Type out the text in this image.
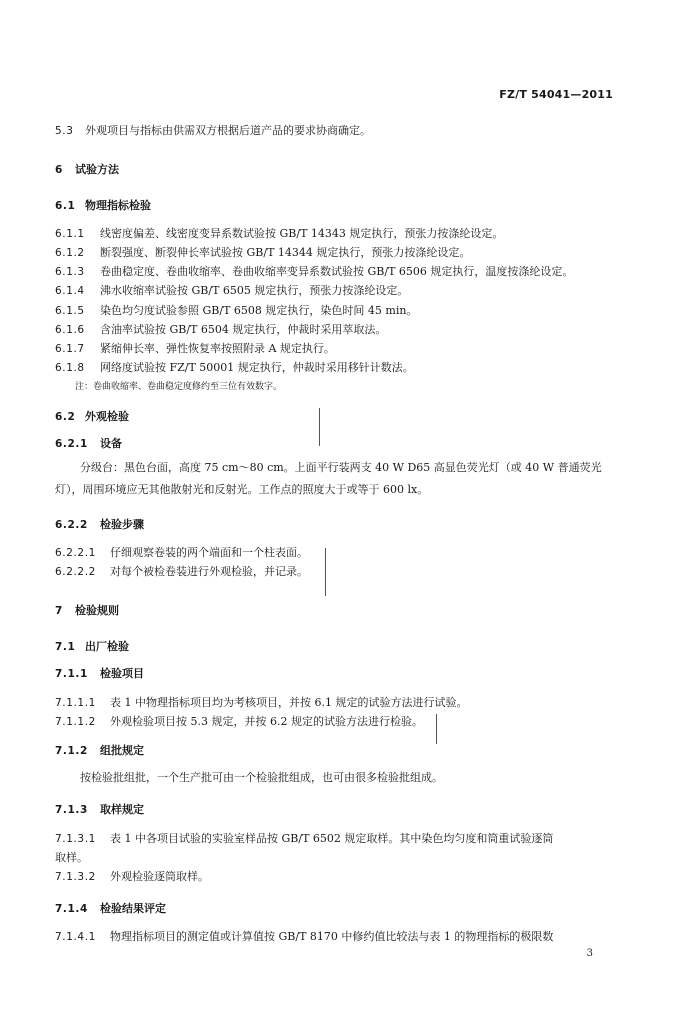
FZ/T 54041—2011
5.3 外观项目与指标由供需双方根据后道产品的要求协商确定。
6 试验方法
6.1 物理指标检验
6.1.1 线密度偏差、线密度变异系数试验按 GB/T 14343 规定执行，预张力按涤纶设定。
6.1.2 断裂强度、断裂伸长率试验按 GB/T 14344 规定执行，预张力按涤纶设定。
6.1.3 卷曲稳定度、卷曲收缩率、卷曲收缩率变异系数试验按 GB/T 6506 规定执行，温度按涤纶设定。
6.1.4 沸水收缩率试验按 GB/T 6505 规定执行，预张力按涤纶设定。
6.1.5 染色均匀度试验参照 GB/T 6508 规定执行，染色时间 45 min。
6.1.6 含油率试验按 GB/T 6504 规定执行，仲裁时采用萃取法。
6.1.7 紧缩伸长率、弹性恢复率按照附录 A 规定执行。
6.1.8 网络度试验按 FZ/T 50001 规定执行，仲裁时采用移针计数法。
注：卷曲收缩率、卷曲稳定度修约至三位有效数字。
6.2 外观检验
6.2.1 设备
分级台：黑色台面，高度 75 cm～80 cm。上面平行装两支 40 W D65 高显色荧光灯（或 40 W 普通荧光灯），周围环境应无其他散射光和反射光。工作点的照度大于或等于 600 lx。
6.2.2 检验步骤
6.2.2.1 仔细观察卷装的两个端面和一个柱表面。
6.2.2.2 对每个被检卷装进行外观检验，并记录。
7 检验规则
7.1 出厂检验
7.1.1 检验项目
7.1.1.1 表 1 中物理指标项目均为考核项目，并按 6.1 规定的试验方法进行试验。
7.1.1.2 外观检验项目按 5.3 规定，并按 6.2 规定的试验方法进行检验。
7.1.2 组批规定
按检验批组批，一个生产批可由一个检验批组成，也可由很多检验批组成。
7.1.3 取样规定
7.1.3.1 表 1 中各项目试验的实验室样品按 GB/T 6502 规定取样。其中染色均匀度和筒重试验逐筒
取样。
7.1.3.2 外观检验逐筒取样。
7.1.4 检验结果评定
7.1.4.1 物理指标项目的测定值或计算值按 GB/T 8170 中修约值比较法与表 1 的物理指标的极限数
3
